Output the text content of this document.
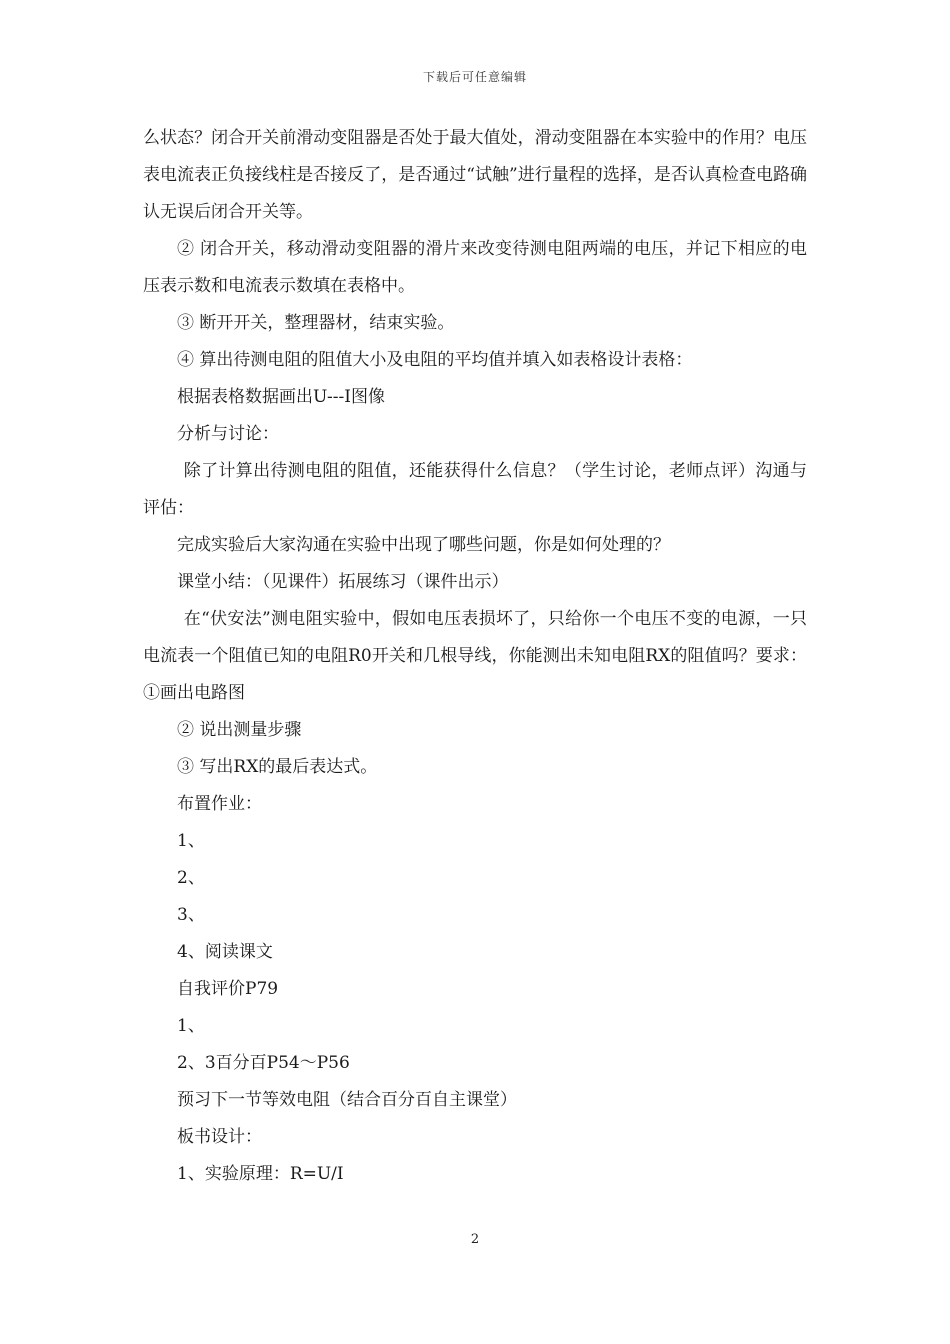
下载后可任意编辑

么状态？闭合开关前滑动变阻器是否处于最大值处，滑动变阻器在本实验中的作用？电压表电流表正负接线柱是否接反了，是否通过“试触”进行量程的选择，是否认真检查电路确认无误后闭合开关等。

② 闭合开关，移动滑动变阻器的滑片来改变待测电阻两端的电压，并记下相应的电压表示数和电流表示数填在表格中。

③ 断开开关，整理器材，结束实验。

④ 算出待测电阻的阻值大小及电阻的平均值并填入如表格设计表格：

根据表格数据画出U---I图像

分析与讨论：

除了计算出待测电阻的阻值，还能获得什么信息？（学生讨论，老师点评）沟通与评估：

完成实验后大家沟通在实验中出现了哪些问题，你是如何处理的？

课堂小结：（见课件）拓展练习（课件出示）

在“伏安法”测电阻实验中，假如电压表损坏了，只给你一个电压不变的电源，一只电流表一个阻值已知的电阻R0开关和几根导线，你能测出未知电阻RX的阻值吗？要求：①画出电路图

② 说出测量步骤

③ 写出RX的最后表达式。

布置作业：

1、

2、

3、

4、阅读课文

自我评价P79

1、

2、3百分百P54～P56

预习下一节等效电阻（结合百分百自主课堂）

板书设计：

1、实验原理：R=U/I

2
